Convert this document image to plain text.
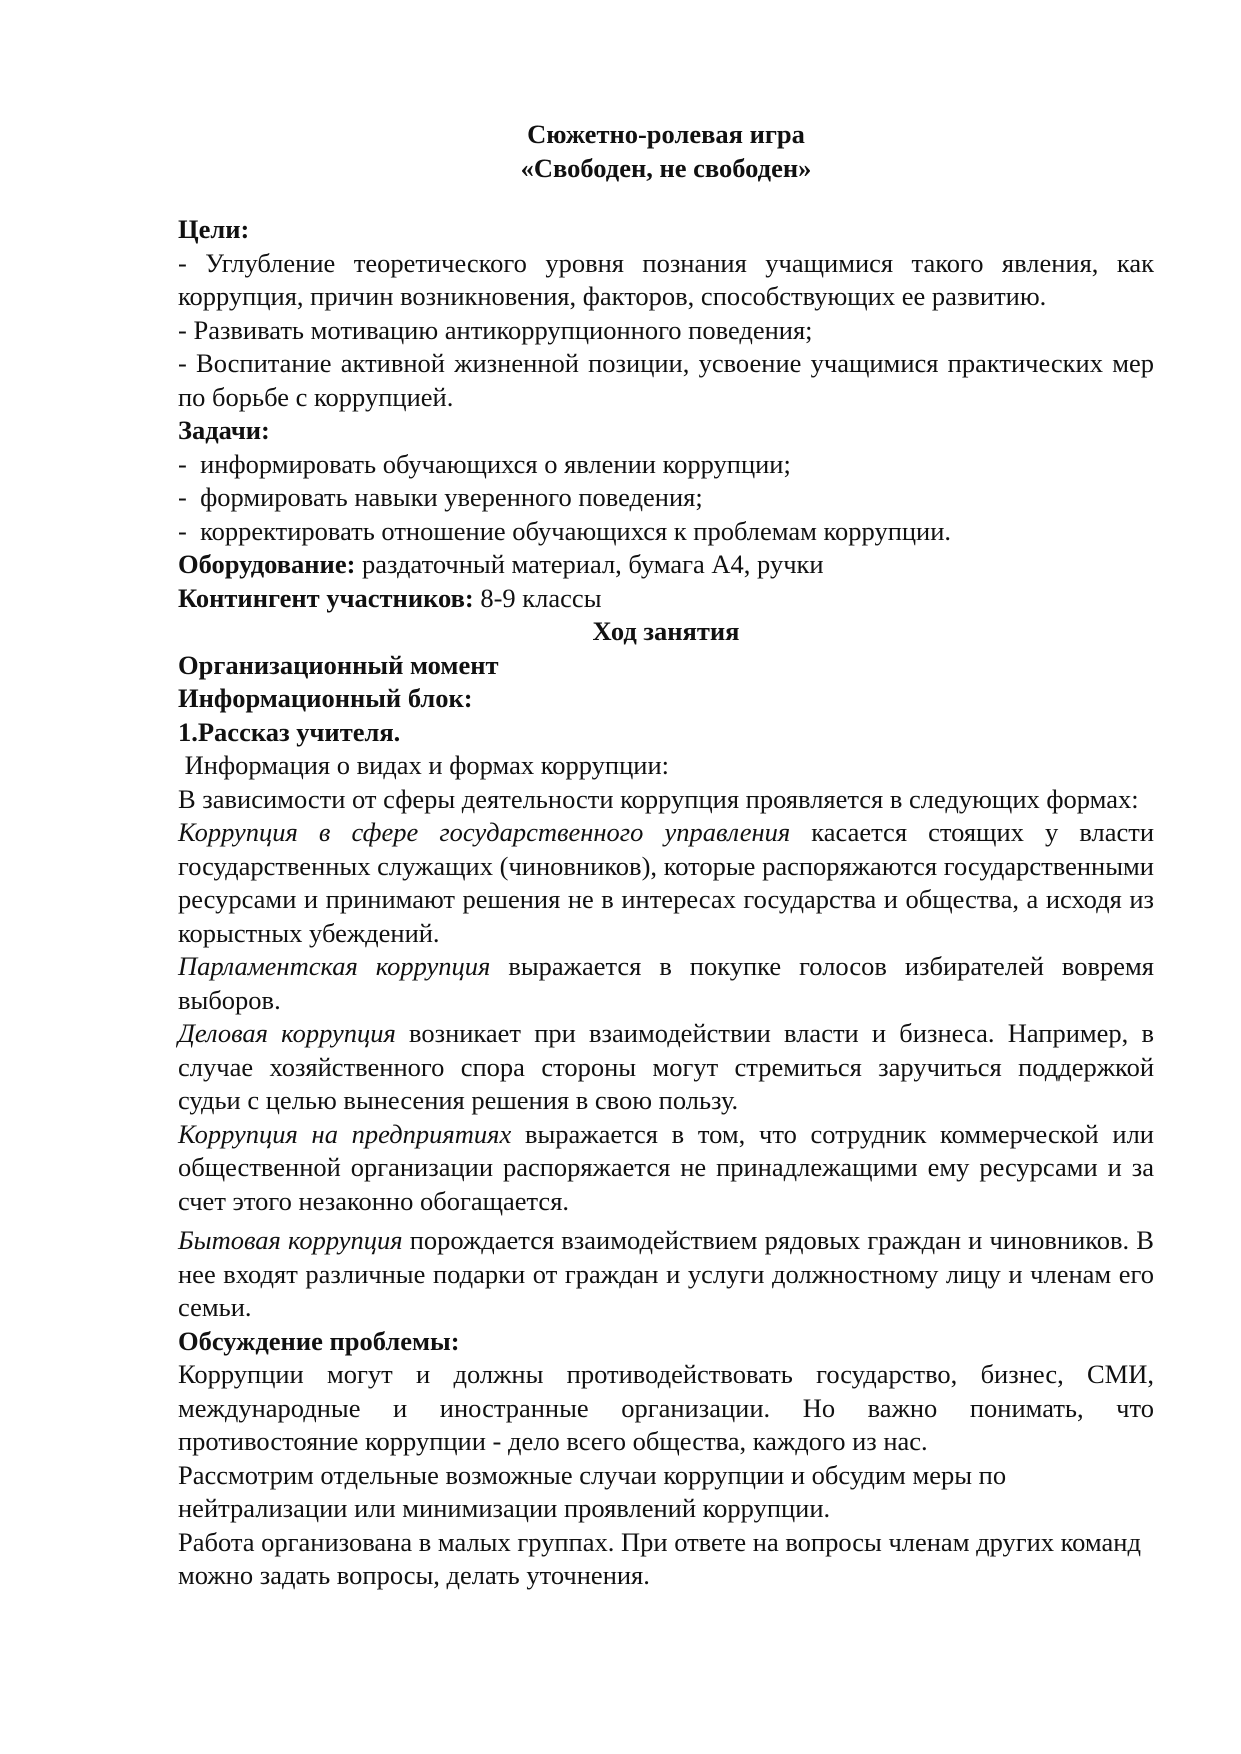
Сюжетно-ролевая игра

«Свободен, не свободен»

Цели:

- Углубление теоретического уровня познания учащимися такого явления, как коррупция, причин возникновения, факторов, способствующих ее развитию.

- Развивать мотивацию антикоррупционного поведения;

- Воспитание активной жизненной позиции, усвоение учащимися практических мер по борьбе с коррупцией.

Задачи:

-  информировать обучающихся о явлении коррупции;

-  формировать навыки уверенного поведения;

-  корректировать отношение обучающихся к проблемам коррупции.

Оборудование: раздаточный материал, бумага А4, ручки

Контингент участников: 8-9 классы

Ход занятия

Организационный момент

Информационный блок:

1.Рассказ учителя.

Информация о видах и формах коррупции:

В зависимости от сферы деятельности коррупция проявляется в следующих формах:

Коррупция в сфере государственного управления касается стоящих у власти государственных служащих (чиновников), которые распоряжаются государственными ресурсами и принимают решения не в интересах государства и общества, а исходя из корыстных убеждений.

Парламентская коррупция выражается в покупке голосов избирателей вовремя выборов.

Деловая коррупция возникает при взаимодействии власти и бизнеса. Например, в случае хозяйственного спора стороны могут стремиться заручиться поддержкой судьи с целью вынесения решения в свою пользу.

Коррупция на предприятиях выражается в том, что сотрудник коммерческой или общественной организации распоряжается не принадлежащими ему ресурсами и за счет этого незаконно обогащается.

Бытовая коррупция порождается взаимодействием рядовых граждан и чиновников. В нее входят различные подарки от граждан и услуги должностному лицу и членам его семьи.

Обсуждение проблемы:

Коррупции могут и должны противодействовать государство, бизнес, СМИ, международные и иностранные организации. Но важно понимать, что противостояние коррупции - дело всего общества, каждого из нас.

Рассмотрим отдельные возможные случаи коррупции и обсудим меры по нейтрализации или минимизации проявлений коррупции.

Работа организована в малых группах. При ответе на вопросы членам других команд можно задать вопросы, делать уточнения.
